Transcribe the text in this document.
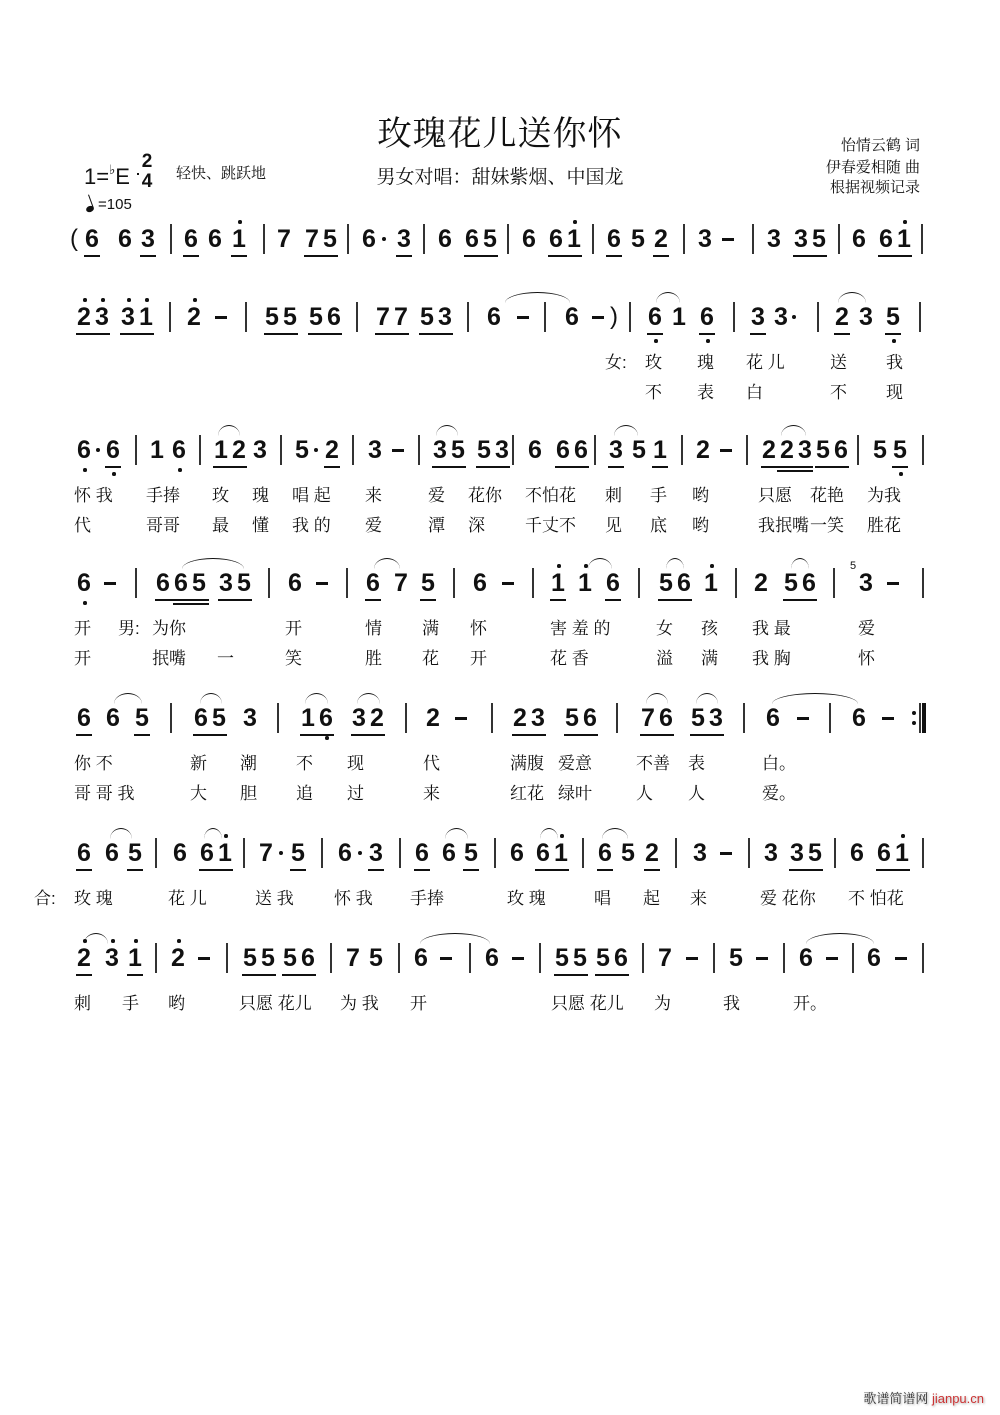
玫瑰花儿送你怀
男女对唱：甜妹紫烟、中国龙
怡情云鹤 词
伊春爱相随 曲
根据视频记录
1=♭E
2
4	轻快、跳跃地
=105
( 6 6 3 6 6 1 7 7 5 6 3 6 6 5 6 6 1 6 5 2 3 3 3 5 6 6 1
2 3 3 1 2	5 5 5 6 7 7 5 3 6	6 ) 6 1 6 3 3 2 3 5
女: 玫 瑰 花 儿	送 我
不 表 白	不 现
6 6 1 6 1 2 3 5 2 3 3 5 5 3 6 6 6 3 5 1 2 2 2 3 5 6 5 5
怀 我 手捧 玫 瑰 唱 起 来	爱 花你 不怕花 刺 手 哟	只愿 花艳 为我
代	哥哥 最 懂 我 的 爱	潭 深 千丈不 见 底 哟	我抿嘴 一笑 胜花
6	6 6 5 3 5 6	6 7 5 6	1 1 6 5 6 1 2 5 6 3
5
开 男: 为你	开	情 满 怀	害 羞 的	女 孩 我 最	爱
开	抿嘴 一	笑	胜 花 开	花 香	溢 满 我 胸	怀
6 6 5 6 5 3 1 6 3 2 2	2 3 5 6 7 6 5 3 6	6
你 不	新 潮 不 现	代	满腹 爱意	不善 表	白。
哥 哥 我	大 胆 追 过	来	红花 绿叶	人 人	爱。
6 6 5 6 6 1 7 5 6 3 6 6 5 6 6 1 6 5 2 3 3 3 5 6 6 1
合: 玫 瑰	花 儿	送 我 怀 我 手捧	玫 瑰	唱 起 来	爱 花你 不 怕花
2 3 1 2 5 5 5 6 7 5 6 6 5 5 5 6 7 5 6 6
刺 手 哟	只愿 花儿 为 我 开	只愿 花儿 为	我	开。
歌谱简谱网 jianpu.cn
